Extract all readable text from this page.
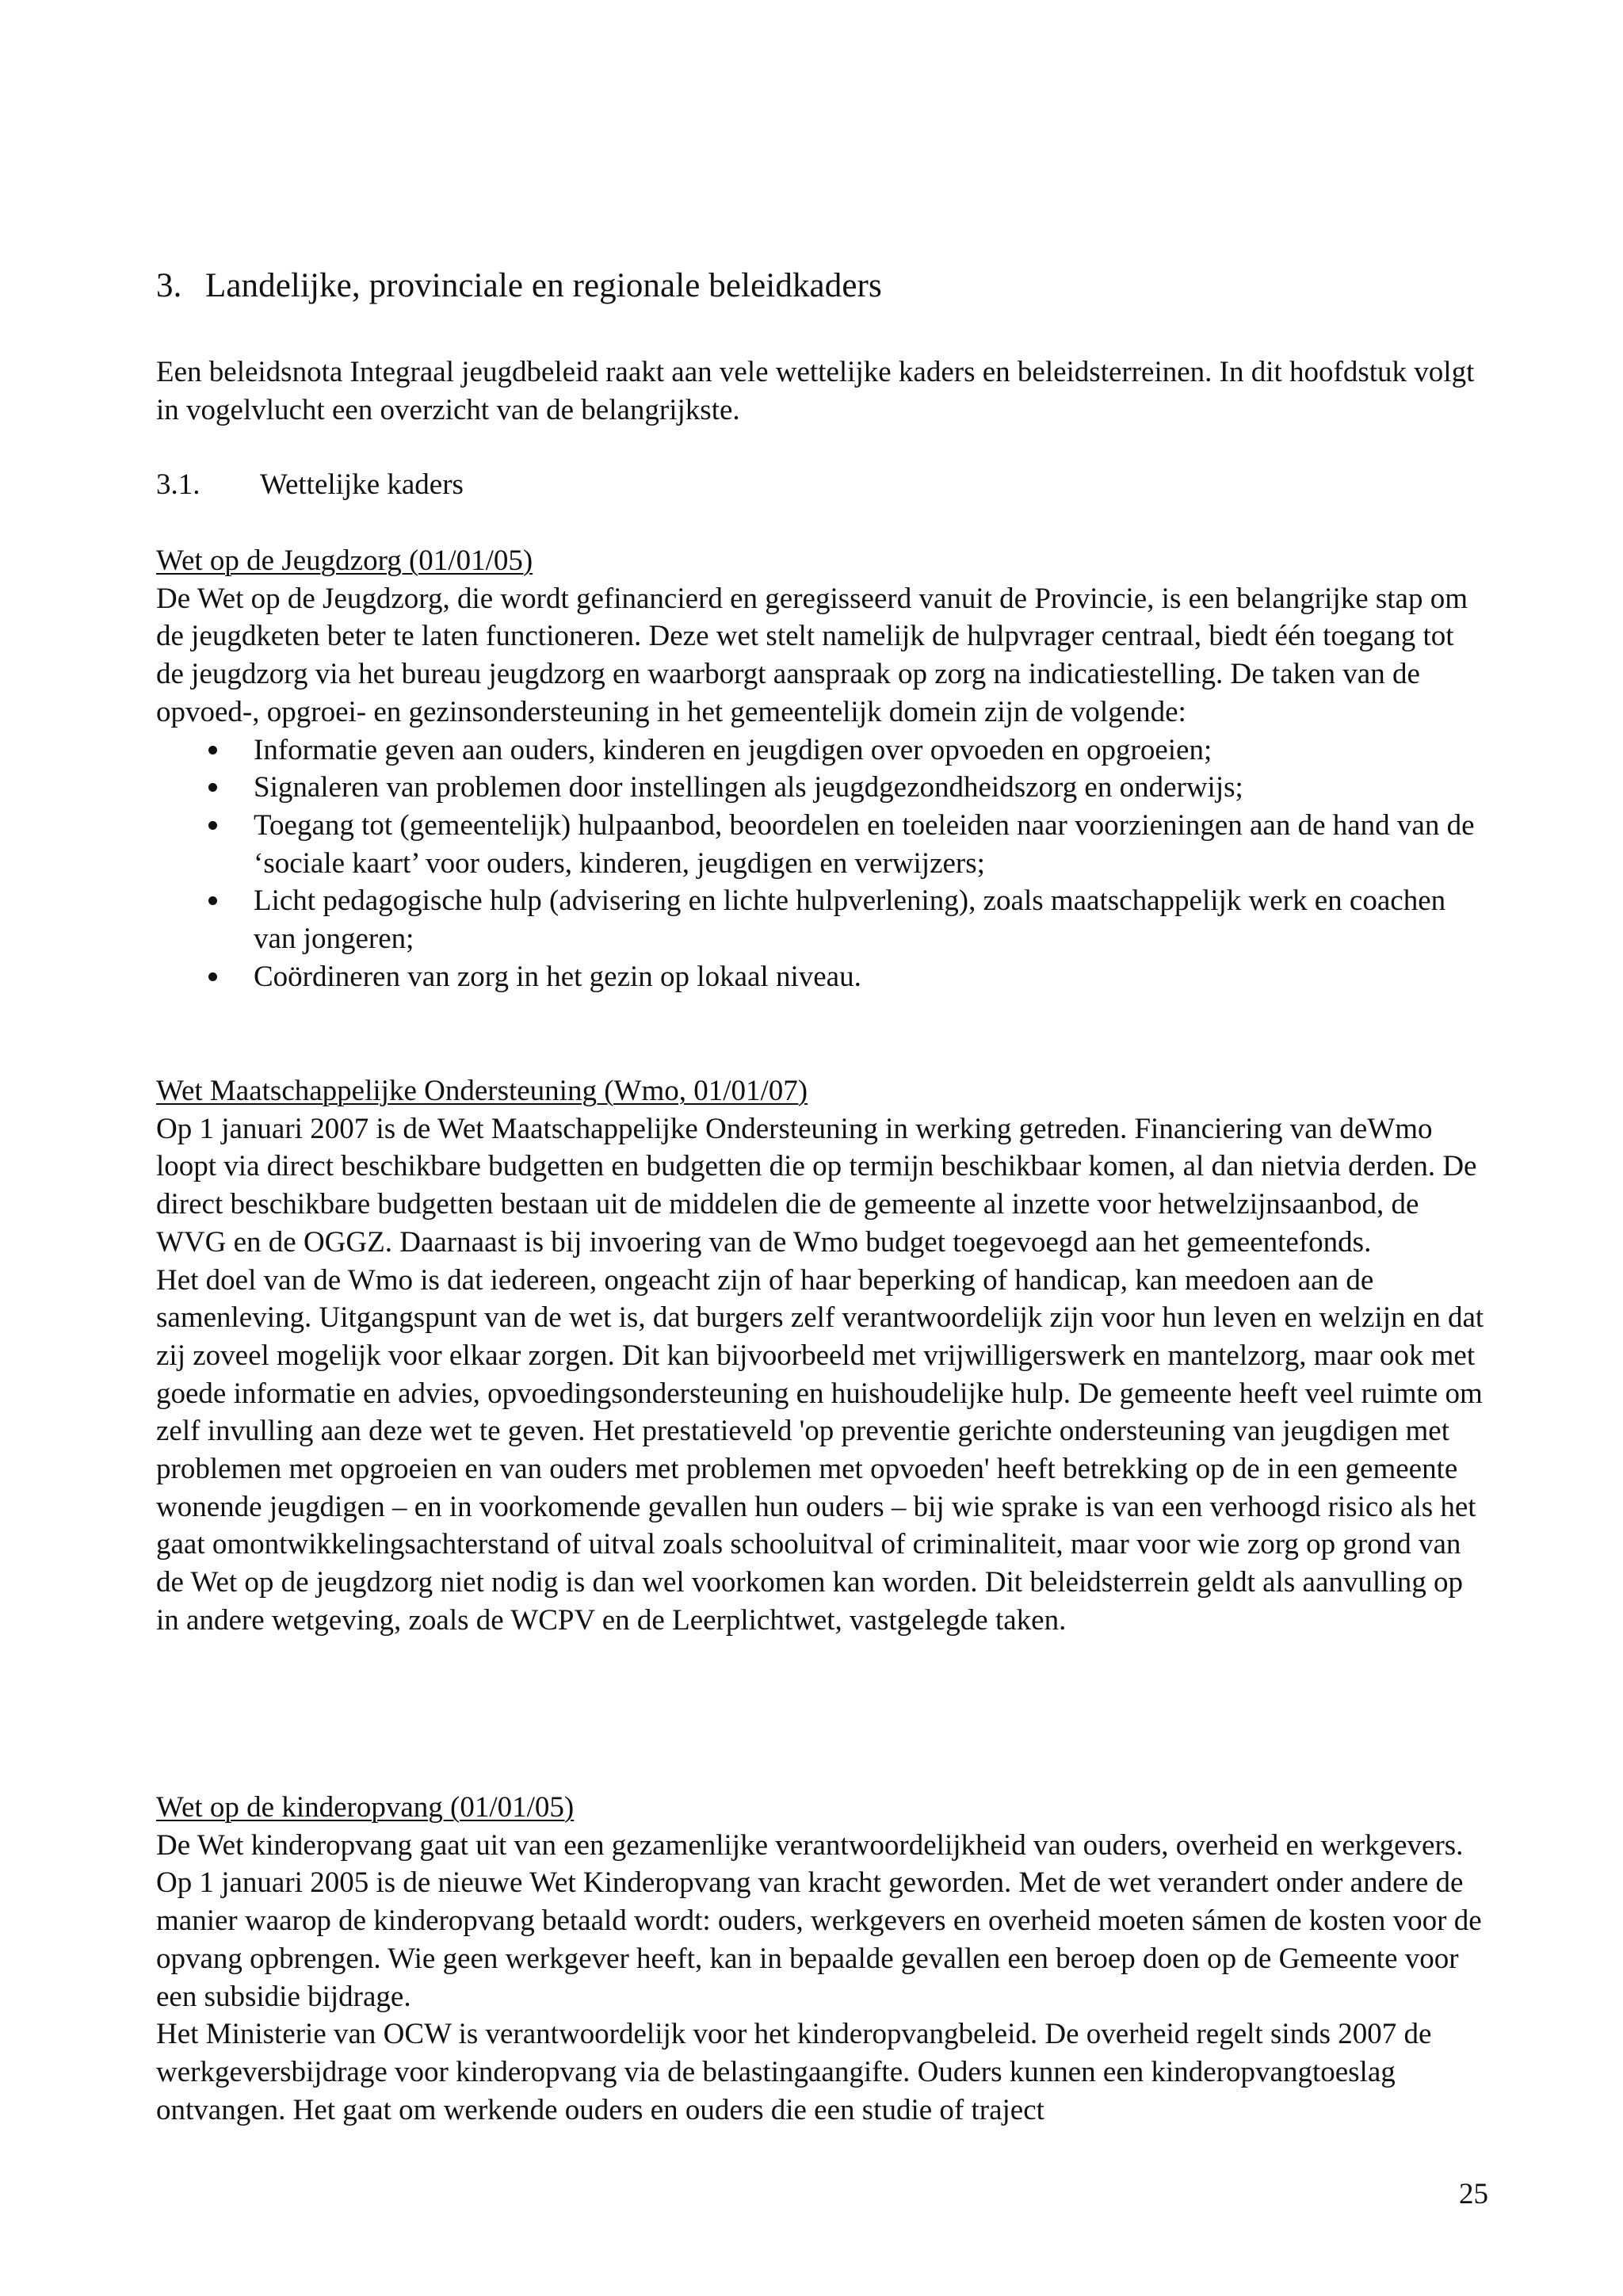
3. Landelijke, provinciale en regionale beleidkaders

Een beleidsnota Integraal jeugdbeleid raakt aan vele wettelijke kaders en beleidsterreinen. In dit hoofdstuk volgt in vogelvlucht een overzicht van de belangrijkste.

3.1. Wettelijke kaders

Wet op de Jeugdzorg (01/01/05)

De Wet op de Jeugdzorg, die wordt gefinancierd en geregisseerd vanuit de Provincie, is een belangrijke stap om de jeugdketen beter te laten functioneren. Deze wet stelt namelijk de hulpvrager centraal, biedt één toegang tot de jeugdzorg via het bureau jeugdzorg en waarborgt aanspraak op zorg na indicatiestelling. De taken van de opvoed-, opgroei- en gezinsondersteuning in het gemeentelijk domein zijn de volgende:

Informatie geven aan ouders, kinderen en jeugdigen over opvoeden en opgroeien;
Signaleren van problemen door instellingen als jeugdgezondheidszorg en onderwijs;
Toegang tot (gemeentelijk) hulpaanbod, beoordelen en toeleiden naar voorzieningen aan de hand van de ‘sociale kaart’ voor ouders, kinderen, jeugdigen en verwijzers;
Licht pedagogische hulp (advisering en lichte hulpverlening), zoals maatschappelijk werk en coachen van jongeren;
Coördineren van zorg in het gezin op lokaal niveau.

Wet Maatschappelijke Ondersteuning (Wmo, 01/01/07)

Op 1 januari 2007 is de Wet Maatschappelijke Ondersteuning in werking getreden. Financiering van deWmo loopt via direct beschikbare budgetten en budgetten die op termijn beschikbaar komen, al dan nietvia derden. De direct beschikbare budgetten bestaan uit de middelen die de gemeente al inzette voor hetwelzijnsaanbod, de WVG en de OGGZ. Daarnaast is bij invoering van de Wmo budget toegevoegd aan het gemeentefonds.

Het doel van de Wmo is dat iedereen, ongeacht zijn of haar beperking of handicap, kan meedoen aan de samenleving. Uitgangspunt van de wet is, dat burgers zelf verantwoordelijk zijn voor hun leven en welzijn en dat zij zoveel mogelijk voor elkaar zorgen. Dit kan bijvoorbeeld met vrijwilligerswerk en mantelzorg, maar ook met goede informatie en advies, opvoedingsondersteuning en huishoudelijke hulp. De gemeente heeft veel ruimte om zelf invulling aan deze wet te geven. Het prestatieveld 'op preventie gerichte ondersteuning van jeugdigen met problemen met opgroeien en van ouders met problemen met opvoeden' heeft betrekking op de in een gemeente wonende jeugdigen – en in voorkomende gevallen hun ouders – bij wie sprake is van een verhoogd risico als het gaat omontwikkelingsachterstand of uitval zoals schooluitval of criminaliteit, maar voor wie zorg op grond van de Wet op de jeugdzorg niet nodig is dan wel voorkomen kan worden. Dit beleidsterrein geldt als aanvulling op in andere wetgeving, zoals de WCPV en de Leerplichtwet, vastgelegde taken.

Wet op de kinderopvang (01/01/05)

De Wet kinderopvang gaat uit van een gezamenlijke verantwoordelijkheid van ouders, overheid en werkgevers. Op 1 januari 2005 is de nieuwe Wet Kinderopvang van kracht geworden. Met de wet verandert onder andere de manier waarop de kinderopvang betaald wordt: ouders, werkgevers en overheid moeten sámen de kosten voor de opvang opbrengen. Wie geen werkgever heeft, kan in bepaalde gevallen een beroep doen op de Gemeente voor een subsidie bijdrage.

Het Ministerie van OCW is verantwoordelijk voor het kinderopvangbeleid. De overheid regelt sinds 2007 de werkgeversbijdrage voor kinderopvang via de belastingaangifte. Ouders kunnen een kinderopvangtoeslag ontvangen. Het gaat om werkende ouders en ouders die een studie of traject

25
